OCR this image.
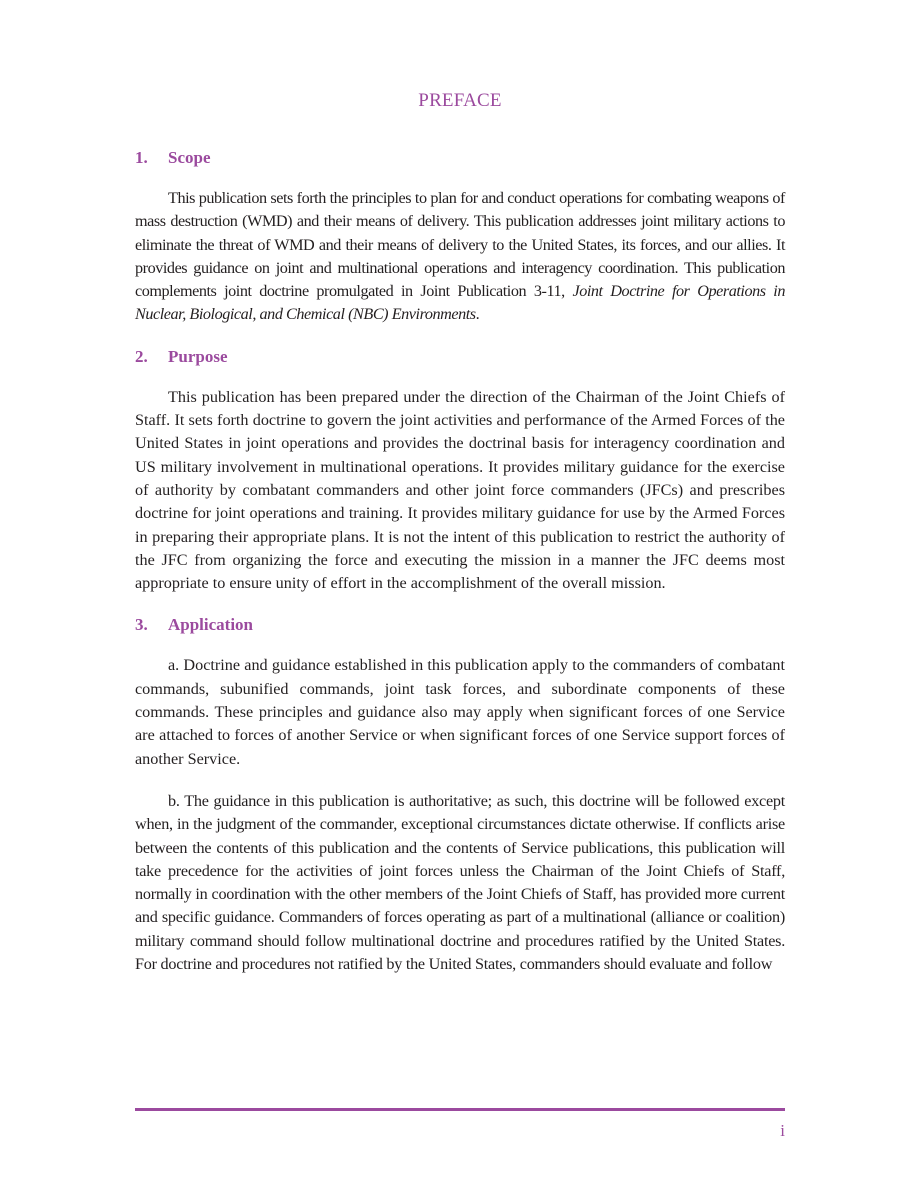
PREFACE
1. Scope

This publication sets forth the principles to plan for and conduct operations for combating weapons of mass destruction (WMD) and their means of delivery. This publication addresses joint military actions to eliminate the threat of WMD and their means of delivery to the United States, its forces, and our allies. It provides guidance on joint and multinational operations and interagency coordination. This publication complements joint doctrine promulgated in Joint Publication 3-11, Joint Doctrine for Operations in Nuclear, Biological, and Chemical (NBC) Environments.

2. Purpose

This publication has been prepared under the direction of the Chairman of the Joint Chiefs of Staff. It sets forth doctrine to govern the joint activities and performance of the Armed Forces of the United States in joint operations and provides the doctrinal basis for interagency coordination and US military involvement in multinational operations. It provides military guidance for the exercise of authority by combatant commanders and other joint force commanders (JFCs) and prescribes doctrine for joint operations and training. It provides military guidance for use by the Armed Forces in preparing their appropriate plans. It is not the intent of this publication to restrict the authority of the JFC from organizing the force and executing the mission in a manner the JFC deems most appropriate to ensure unity of effort in the accomplishment of the overall mission.

3. Application

a. Doctrine and guidance established in this publication apply to the commanders of combatant commands, subunified commands, joint task forces, and subordinate components of these commands. These principles and guidance also may apply when significant forces of one Service are attached to forces of another Service or when significant forces of one Service support forces of another Service.

b. The guidance in this publication is authoritative; as such, this doctrine will be followed except when, in the judgment of the commander, exceptional circumstances dictate otherwise. If conflicts arise between the contents of this publication and the contents of Service publications, this publication will take precedence for the activities of joint forces unless the Chairman of the Joint Chiefs of Staff, normally in coordination with the other members of the Joint Chiefs of Staff, has provided more current and specific guidance. Commanders of forces operating as part of a multinational (alliance or coalition) military command should follow multinational doctrine and procedures ratified by the United States. For doctrine and procedures not ratified by the United States, commanders should evaluate and follow

i
